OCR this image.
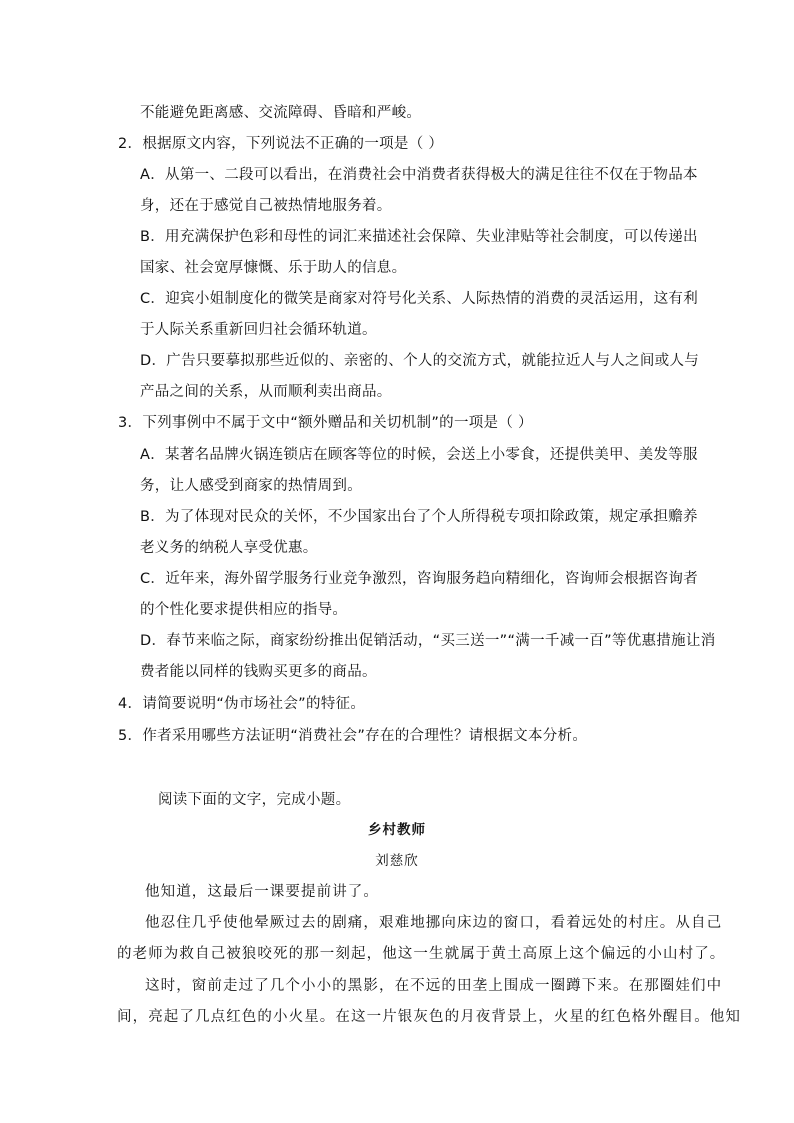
不能避免距离感、交流障碍、昏暗和严峻。
2．根据原文内容，下列说法不正确的一项是（ ）
A．从第一、二段可以看出，在消费社会中消费者获得极大的满足往往不仅在于物品本
身，还在于感觉自己被热情地服务着。
B．用充满保护色彩和母性的词汇来描述社会保障、失业津贴等社会制度，可以传递出
国家、社会宽厚慷慨、乐于助人的信息。
C．迎宾小姐制度化的微笑是商家对符号化关系、人际热情的消费的灵活运用，这有利
于人际关系重新回归社会循环轨道。
D．广告只要摹拟那些近似的、亲密的、个人的交流方式，就能拉近人与人之间或人与
产品之间的关系，从而顺利卖出商品。
3．下列事例中不属于文中“额外赠品和关切机制”的一项是（ ）
A．某著名品牌火锅连锁店在顾客等位的时候，会送上小零食，还提供美甲、美发等服
务，让人感受到商家的热情周到。
B．为了体现对民众的关怀，不少国家出台了个人所得税专项扣除政策，规定承担赡养
老义务的纳税人享受优惠。
C．近年来，海外留学服务行业竞争激烈，咨询服务趋向精细化，咨询师会根据咨询者
的个性化要求提供相应的指导。
D．春节来临之际，商家纷纷推出促销活动，“买三送一”“满一千减一百”等优惠措施让消
费者能以同样的钱购买更多的商品。
4．请简要说明“伪市场社会”的特征。
5．作者采用哪些方法证明“消费社会”存在的合理性？请根据文本分析。
阅读下面的文字，完成小题。
乡村教师
刘慈欣
他知道，这最后一课要提前讲了。
他忍住几乎使他晕厥过去的剧痛，艰难地挪向床边的窗口，看着远处的村庄。从自己
的老师为救自己被狼咬死的那一刻起，他这一生就属于黄土高原上这个偏远的小山村了。
这时，窗前走过了几个小小的黑影，在不远的田垄上围成一圈蹲下来。在那圈娃们中
间，亮起了几点红色的小火星。在这一片银灰色的月夜背景上，火星的红色格外醒目。他知
